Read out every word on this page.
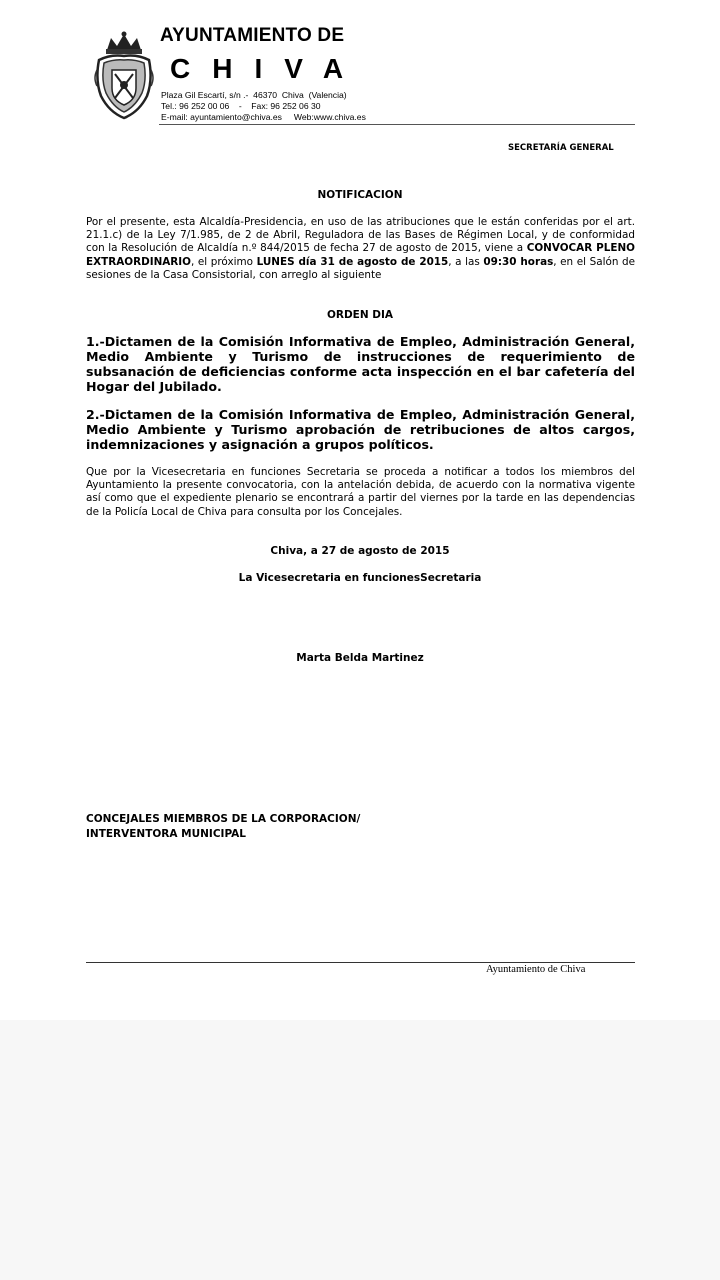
AYUNTAMIENTO DE
CHIVA
Plaza Gil Escartí, s/n .-  46370  Chiva  (Valencia)
Tel.: 96 252 00 06    -    Fax: 96 252 06 30
E-mail: ayuntamiento@chiva.es     Web:www.chiva.es
SECRETARÍA GENERAL
NOTIFICACION
Por el presente, esta Alcaldía-Presidencia, en uso de las atribuciones que le están conferidas por el art. 21.1.c) de la Ley 7/1.985, de 2 de Abril, Reguladora de las Bases de Régimen Local, y de conformidad con la Resolución de Alcaldía n.º 844/2015 de fecha 27 de agosto de 2015, viene a CONVOCAR PLENO EXTRAORDINARIO, el próximo LUNES día 31 de agosto de 2015, a las 09:30 horas, en el Salón de sesiones de la Casa Consistorial, con arreglo al siguiente
ORDEN DIA
1.-Dictamen de la Comisión Informativa de Empleo, Administración General, Medio Ambiente y Turismo de instrucciones de requerimiento de subsanación de deficiencias conforme acta inspección en el bar cafetería del Hogar del Jubilado.
2.-Dictamen de la Comisión Informativa de Empleo, Administración General, Medio Ambiente y Turismo aprobación de retribuciones de altos cargos, indemnizaciones y asignación a grupos políticos.
Que por la Vicesecretaria en funciones Secretaria se proceda a notificar a todos los miembros del Ayuntamiento la presente convocatoria, con la antelación debida, de acuerdo con la normativa vigente así como que el expediente plenario se encontrará a partir del viernes por la tarde en las dependencias de la Policía Local de Chiva para consulta por los Concejales.
Chiva, a 27 de agosto de 2015
La Vicesecretaria en funcionesSecretaria
Marta Belda Martinez
CONCEJALES MIEMBROS DE LA CORPORACION/
INTERVENTORA MUNICIPAL
Ayuntamiento de Chiva
